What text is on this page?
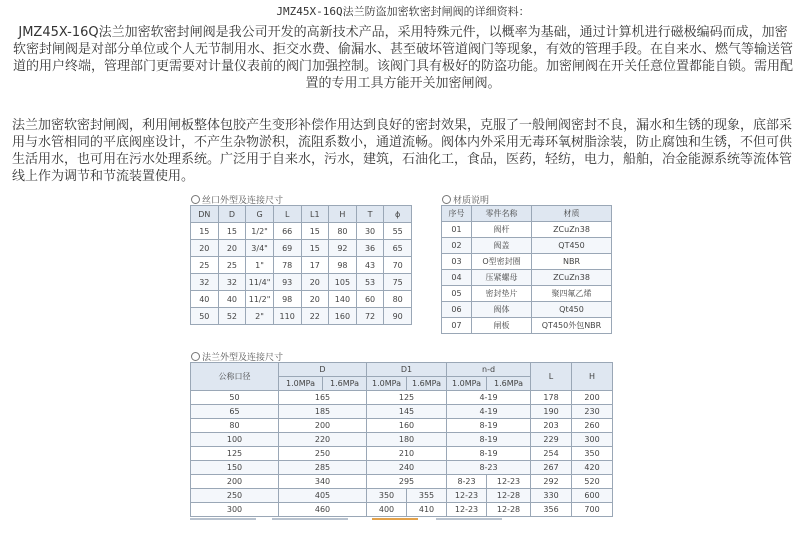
JMZ45X-16Q法兰防盗加密软密封闸阀的详细资料：
JMZ45X-16Q法兰加密软密封闸阀是我公司开发的高新技术产品，采用特殊元件，以概率为基础，通过计算机进行磁极编码而成，加密软密封闸阀是对部分单位或个人无节制用水、拒交水费、偷漏水、甚至破坏管道阀门等现象，有效的管理手段。在自来水、燃气等输送管道的用户终端，管理部门更需要对计量仪表前的阀门加强控制。该阀门具有极好的防盗功能。加密闸阀在开关任意位置都能自锁。需用配置的专用工具方能开关加密闸阀。
法兰加密软密封闸阀，利用闸板整体包胶产生变形补偿作用达到良好的密封效果，克服了一般闸阀密封不良，漏水和生锈的现象，底部采用与水管相同的平底阀座设计，不产生杂物淤积，流阻系数小，通道流畅。阀体内外采用无毒环氧树脂涂装，防止腐蚀和生锈，不但可供生活用水，也可用在污水处理系统。广泛用于自来水，污水，建筑，石油化工，食品，医药，轻纺，电力，船舶，冶金能源系统等流体管线上作为调节和节流装置使用。
丝口外型及连接尺寸
DN	D	G	L	L1	H	T	ϕ
15	15	1/2"	66	15	80	30	55
20	20	3/4"	69	15	92	36	65
25	25	1"	78	17	98	43	70
32	32	11/4"	93	20	105	53	75
40	40	11/2"	98	20	140	60	80
50	52	2"	110	22	160	72	90
材质说明
序号	零件名称	材质
01	阀杆	ZCuZn38
02	阀盖	QT450
03	O型密封圈	NBR
04	压紧螺母	ZCuZn38
05	密封垫片	聚四氟乙烯
06	阀体	Qt450
07	闸板	QT450外包NBR
法兰外型及连接尺寸
公称口径	D		D1		n-d		L	H
	1.0MPa	1.6MPa	1.0MPa	1.6MPa	1.0MPa	1.6MPa		
50	165		125		4-19		178	200
65	185		145		4-19		190	230
80	200		160		8-19		203	260
100	220		180		8-19		229	300
125	250		210		8-19		254	350
150	285		240		8-23		267	420
200	340		295		8-23	12-23	292	520
250	405		350	355	12-23	12-28	330	600
300	460		400	410	12-23	12-28	356	700
